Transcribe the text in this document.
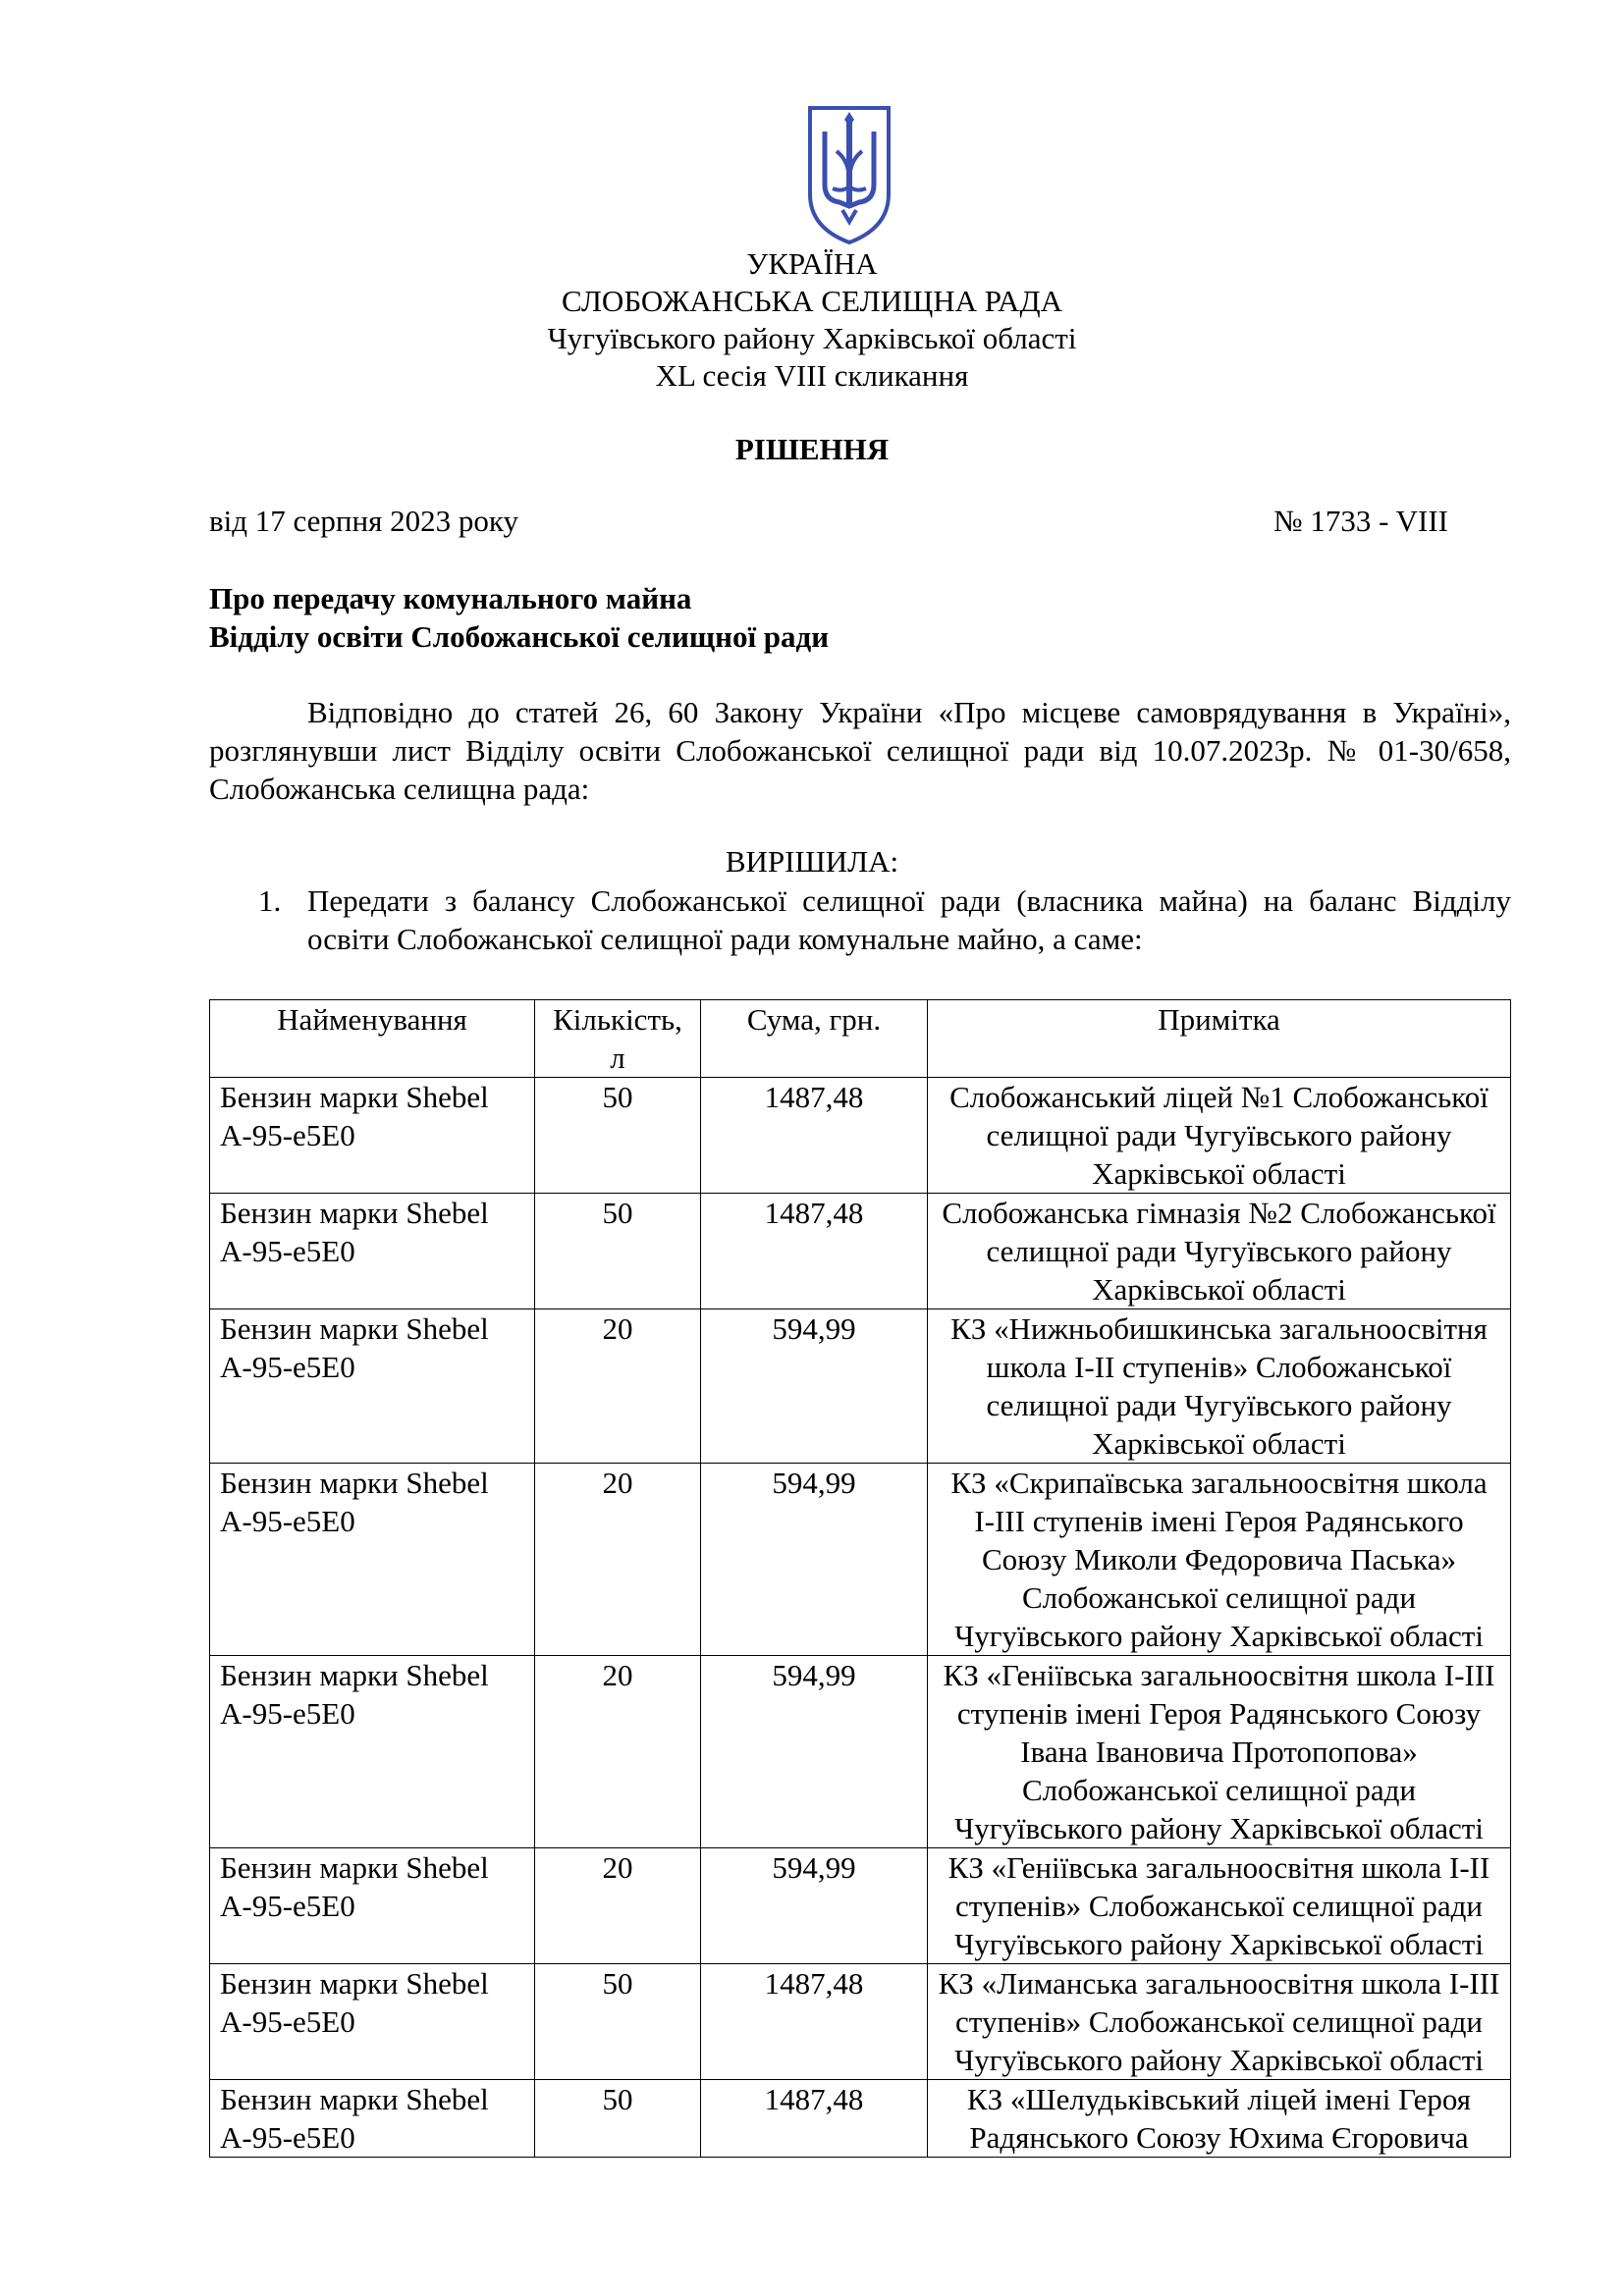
УКРАЇНА
СЛОБОЖАНСЬКА СЕЛИЩНА РАДА
Чугуївського району Харківської області
XL сесія VIII скликання
РІШЕННЯ
від 17 серпня 2023 року	№ 1733 - VIII
Про передачу комунального майна
Відділу освіти Слобожанської селищної ради
Відповідно до статей 26, 60 Закону України «Про місцеве самоврядування в Україні», розглянувши лист Відділу освіти Слобожанської селищної ради від 10.07.2023р. № 01-30/658, Слобожанська селищна рада:
ВИРІШИЛА:
1. Передати з балансу Слобожанської селищної ради (власника майна) на баланс Відділу освіти Слобожанської селищної ради комунальне майно, а саме:
Найменування	Кількість, л	Сума, грн.	Примітка
Бензин марки Shebel A-95-e5E0	50	1487,48	Слобожанський ліцей №1 Слобожанської селищної ради Чугуївського району Харківської області
Бензин марки Shebel A-95-e5E0	50	1487,48	Слобожанська гімназія №2 Слобожанської селищної ради Чугуївського району Харківської області
Бензин марки Shebel A-95-e5E0	20	594,99	КЗ «Нижньобишкинська загальноосвітня школа І-ІІ ступенів» Слобожанської селищної ради Чугуївського району Харківської області
Бензин марки Shebel A-95-e5E0	20	594,99	КЗ «Скрипаївська загальноосвітня школа І-ІІІ ступенів імені Героя Радянського Союзу Миколи Федоровича Паська» Слобожанської селищної ради Чугуївського району Харківської області
Бензин марки Shebel A-95-e5E0	20	594,99	КЗ «Геніївська загальноосвітня школа І-ІІІ ступенів імені Героя Радянського Союзу Івана Івановича Протопопова» Слобожанської селищної ради Чугуївського району Харківської області
Бензин марки Shebel A-95-e5E0	20	594,99	КЗ «Геніївська загальноосвітня школа І-ІІ ступенів» Слобожанської селищної ради Чугуївського району Харківської області
Бензин марки Shebel A-95-e5E0	50	1487,48	КЗ «Лиманська загальноосвітня школа І-ІІІ ступенів» Слобожанської селищної ради Чугуївського району Харківської області
Бензин марки Shebel A-95-e5E0	50	1487,48	КЗ «Шелудьківський ліцей імені Героя Радянського Союзу Юхима Єгоровича
